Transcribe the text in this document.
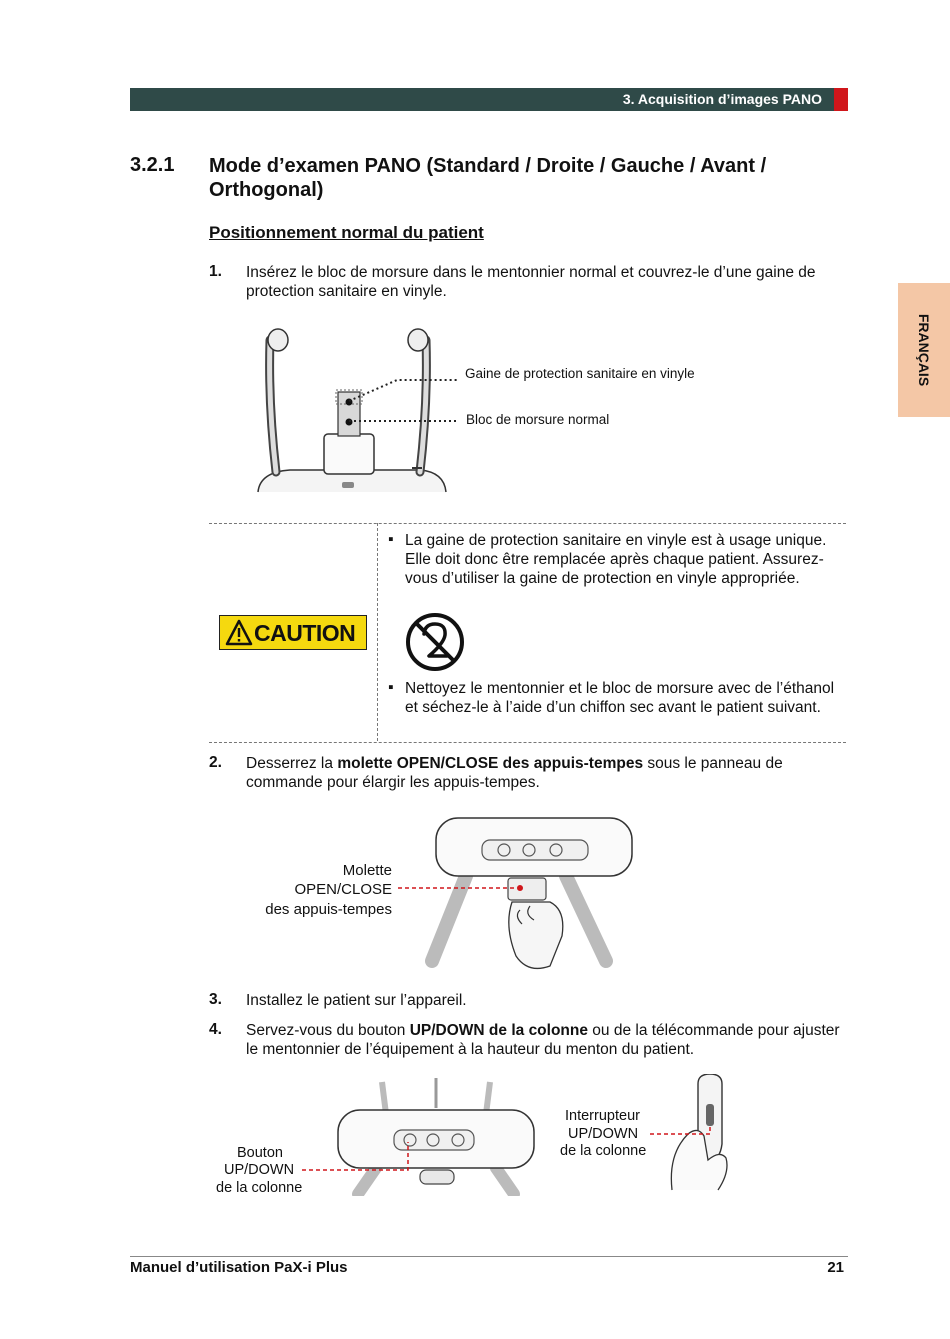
3. Acquisition d’images PANO
FRANÇAIS
3.2.1 Mode d’examen PANO (Standard / Droite / Gauche / Avant / Orthogonal)
Positionnement normal du patient
1. Insérez le bloc de morsure dans le mentonnier normal et couvrez-le d’une gaine de protection sanitaire en vinyle.
Gaine de protection sanitaire en vinyle
Bloc de morsure normal
CAUTION
▪ La gaine de protection sanitaire en vinyle est à usage unique. Elle doit donc être remplacée après chaque patient. Assurez-vous d’utiliser la gaine de protection en vinyle appropriée.
▪ Nettoyez le mentonnier et le bloc de morsure avec de l’éthanol et séchez-le à l’aide d’un chiffon sec avant le patient suivant.
2. Desserrez la molette OPEN/CLOSE des appuis-tempes sous le panneau de commande pour élargir les appuis-tempes.
Molette
OPEN/CLOSE
des appuis-tempes
3. Installez le patient sur l’appareil.
4. Servez-vous du bouton UP/DOWN de la colonne ou de la télécommande pour ajuster le mentonnier de l’équipement à la hauteur du menton du patient.
Bouton
UP/DOWN
de la colonne
Interrupteur
UP/DOWN
de la colonne
Manuel d’utilisation PaX-i Plus	21
